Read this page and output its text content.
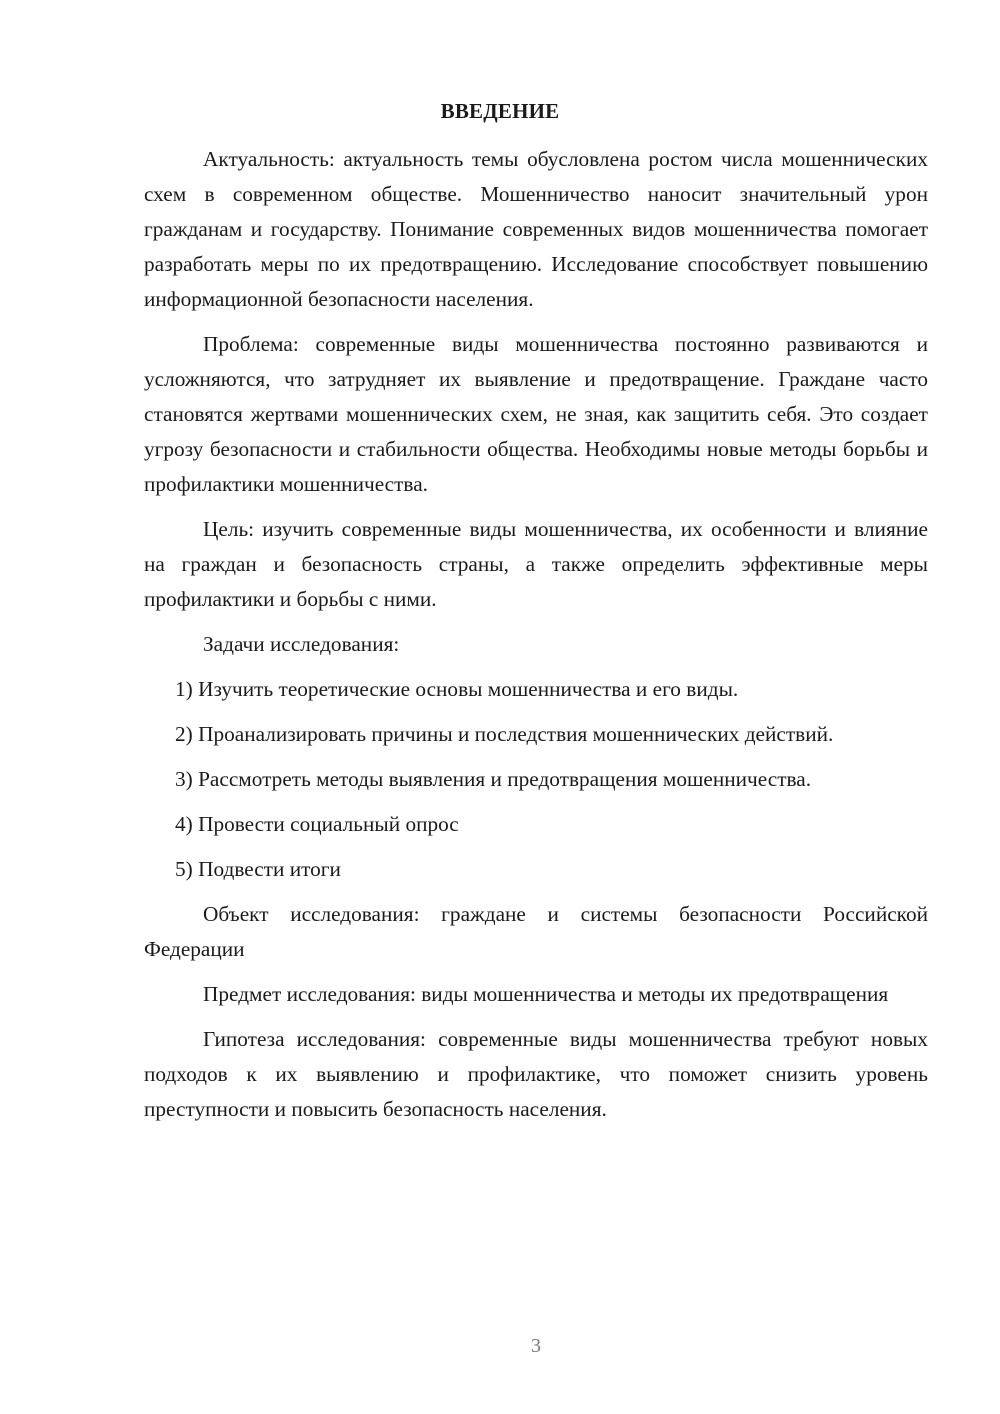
ВВЕДЕНИЕ

Актуальность: актуальность темы обусловлена ростом числа мошеннических схем в современном обществе. Мошенничество наносит значительный урон гражданам и государству. Понимание современных видов мошенничества помогает разработать меры по их предотвращению. Исследование способствует повышению информационной безопасности населения.

Проблема: современные виды мошенничества постоянно развиваются и усложняются, что затрудняет их выявление и предотвращение. Граждане часто становятся жертвами мошеннических схем, не зная, как защитить себя. Это создает угрозу безопасности и стабильности общества. Необходимы новые методы борьбы и профилактики мошенничества.

Цель: изучить современные виды мошенничества, их особенности и влияние на граждан и безопасность страны, а также определить эффективные меры профилактики и борьбы с ними.

Задачи исследования:

1) Изучить теоретические основы мошенничества и его виды.

2) Проанализировать причины и последствия мошеннических действий.

3) Рассмотреть методы выявления и предотвращения мошенничества.

4) Провести социальный опрос

5) Подвести итоги

Объект исследования: граждане и системы безопасности Российской Федерации

Предмет исследования: виды мошенничества и методы их предотвращения

Гипотеза исследования: современные виды мошенничества требуют новых подходов к их выявлению и профилактике, что поможет снизить уровень преступности и повысить безопасность населения.

3
